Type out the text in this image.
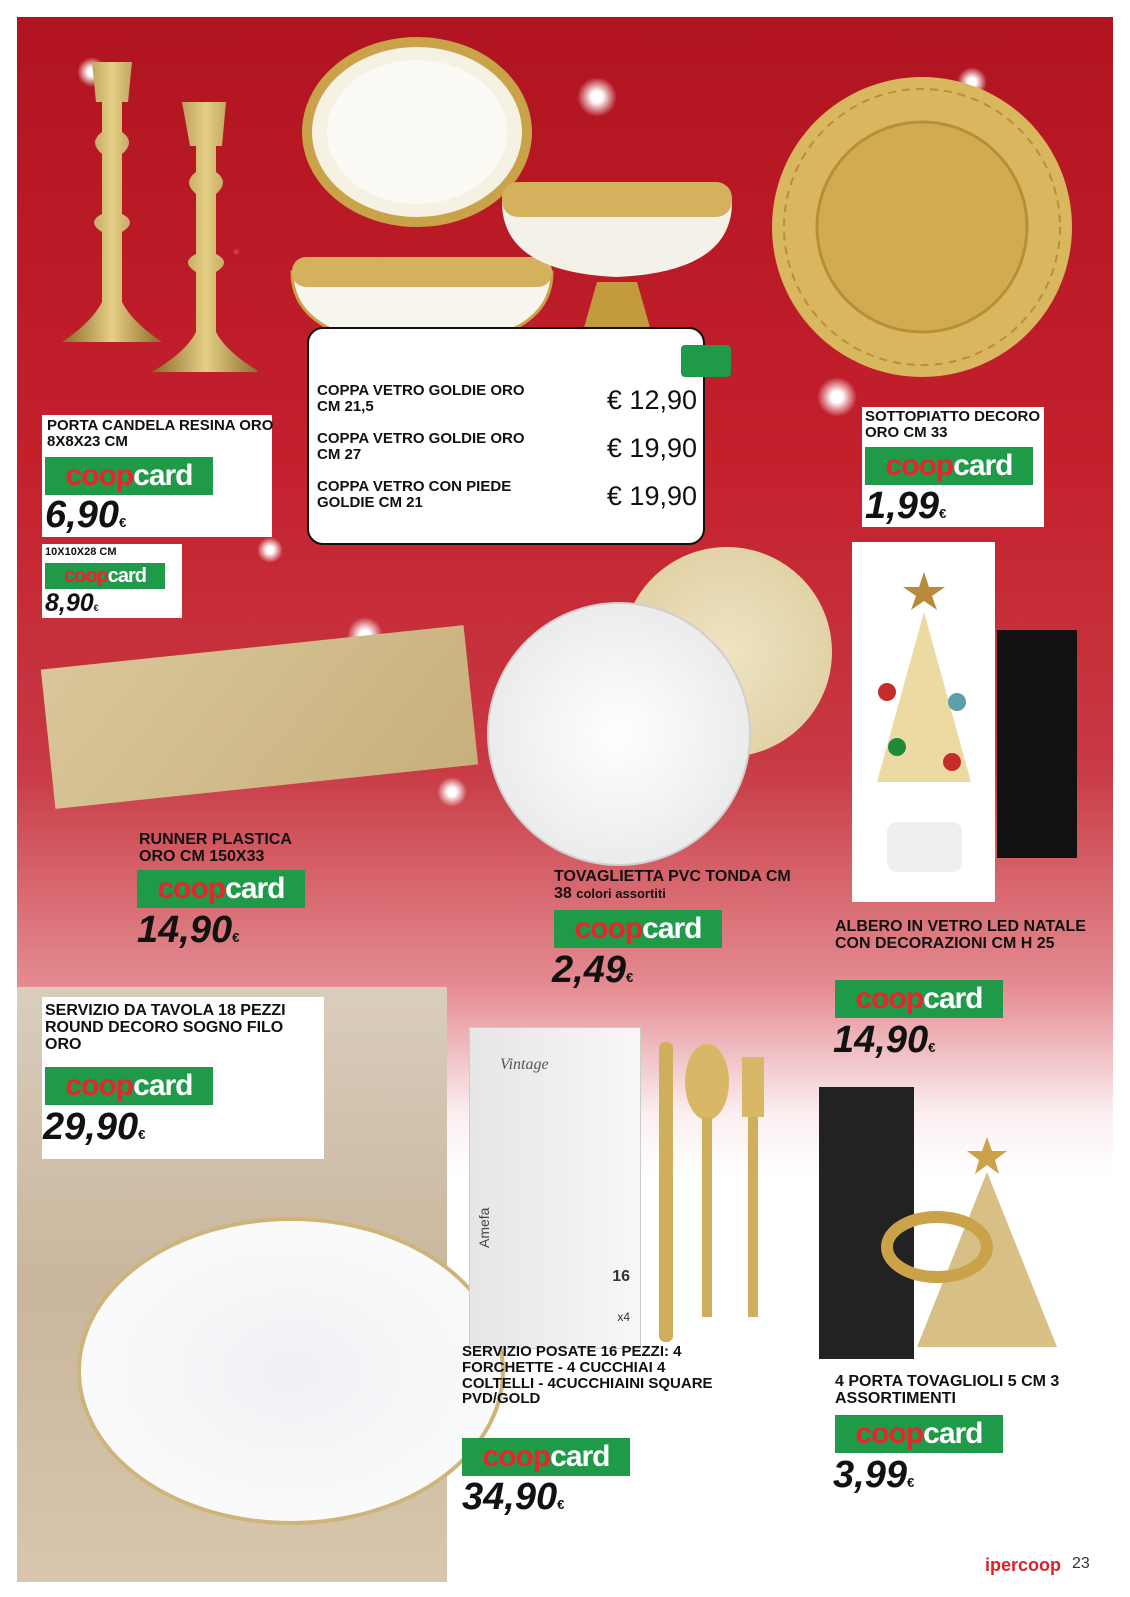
PORTA CANDELA RESINA ORO 8X8X23 CM
coop card
6,90€
10X10X28 CM
coop card
8,90€
COPPA VETRO GOLDIE ORO CM 21,5	€ 12,90
COPPA VETRO GOLDIE ORO CM 27	€ 19,90
COPPA VETRO CON PIEDE GOLDIE CM 21	€ 19,90
SOTTOPIATTO DECORO ORO CM 33
coop card
1,99€
RUNNER PLASTICA ORO CM 150X33
coop card
14,90€
TOVAGLIETTA PVC TONDA CM 38 colori assortiti
coop card
2,49€
ALBERO IN VETRO LED NATALE CON DECORAZIONI CM H 25
coop card
14,90€
SERVIZIO DA TAVOLA 18 PEZZI ROUND DECORO SOGNO FILO ORO
coop card
29,90€
Vintage
Amefa
16
x4
SERVIZIO POSATE 16 PEZZI: 4 FORCHETTE - 4 CUCCHIAI 4 COLTELLI - 4CUCCHIAINI SQUARE PVD/GOLD
coop card
34,90€
4 PORTA TOVAGLIOLI 5 CM 3 ASSORTIMENTI
coop card
3,99€
ipercoop 23
